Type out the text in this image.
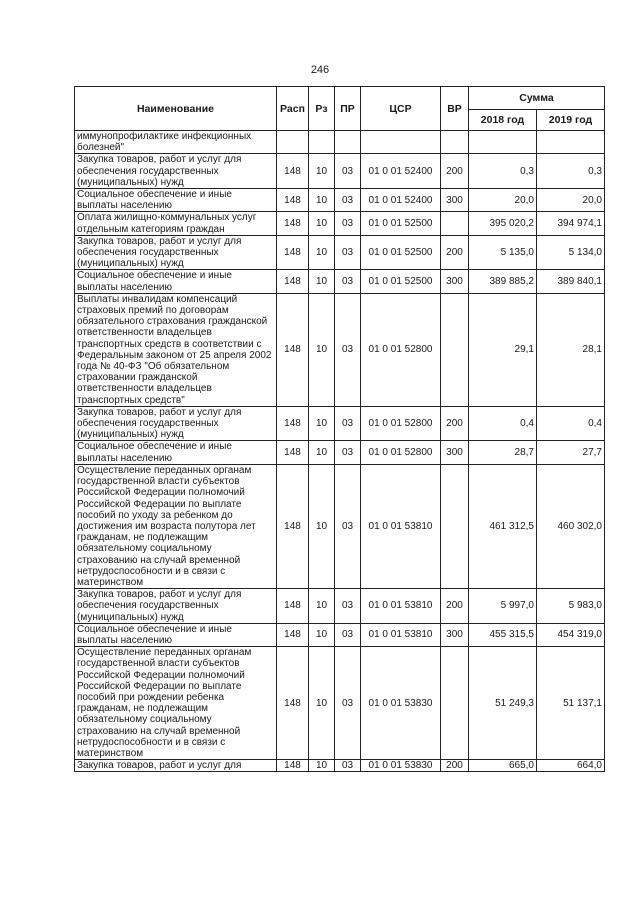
246
Наименование	Расп	Рз	ПР	ЦСР	ВР	Сумма	
						2018 год	2019 год
иммунопрофилактике инфекционных болезней"							
Закупка товаров, работ и услуг для обеспечения государственных (муниципальных) нужд	148	10	03	01 0 01 52400	200	0,3	0,3
Социальное обеспечение и иные выплаты населению	148	10	03	01 0 01 52400	300	20,0	20,0
Оплата жилищно-коммунальных услуг отдельным категориям граждан	148	10	03	01 0 01 52500		395 020,2	394 974,1
Закупка товаров, работ и услуг для обеспечения государственных (муниципальных) нужд	148	10	03	01 0 01 52500	200	5 135,0	5 134,0
Социальное обеспечение и иные выплаты населению	148	10	03	01 0 01 52500	300	389 885,2	389 840,1
Выплаты инвалидам компенсаций страховых премий по договорам обязательного страхования гражданской ответственности владельцев транспортных средств в соответствии с Федеральным законом от 25 апреля 2002 года № 40-ФЗ "Об обязательном страховании гражданской ответственности владельцев транспортных средств"	148	10	03	01 0 01 52800		29,1	28,1
Закупка товаров, работ и услуг для обеспечения государственных (муниципальных) нужд	148	10	03	01 0 01 52800	200	0,4	0,4
Социальное обеспечение и иные выплаты населению	148	10	03	01 0 01 52800	300	28,7	27,7
Осуществление переданных органам государственной власти субъектов Российской Федерации полномочий Российской Федерации по выплате пособий по уходу за ребенком до достижения им возраста полутора лет гражданам, не подлежащим обязательному социальному страхованию на случай временной нетрудоспособности и в связи с материнством	148	10	03	01 0 01 53810		461 312,5	460 302,0
Закупка товаров, работ и услуг для обеспечения государственных (муниципальных) нужд	148	10	03	01 0 01 53810	200	5 997,0	5 983,0
Социальное обеспечение и иные выплаты населению	148	10	03	01 0 01 53810	300	455 315,5	454 319,0
Осуществление переданных органам государственной власти субъектов Российской Федерации полномочий Российской Федерации по выплате пособий при рождении ребенка гражданам, не подлежащим обязательному социальному страхованию на случай временной нетрудоспособности и в связи с материнством	148	10	03	01 0 01 53830		51 249,3	51 137,1
Закупка товаров, работ и услуг для	148	10	03	01 0 01 53830	200	665,0	664,0
